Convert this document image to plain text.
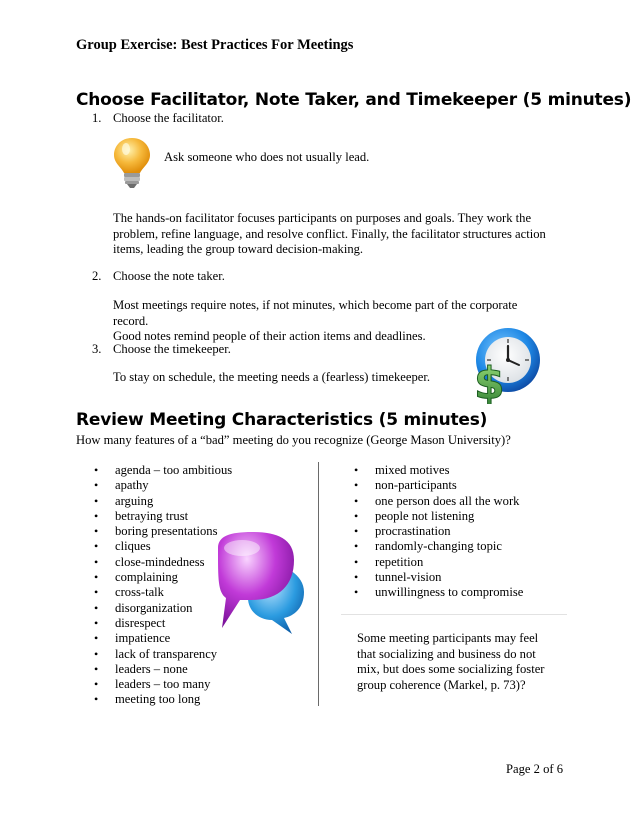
Group Exercise: Best Practices For Meetings
Choose Facilitator, Note Taker, and Timekeeper (5 minutes)
1. Choose the facilitator.
Ask someone who does not usually lead.
The hands-on facilitator focuses participants on purposes and goals. They work the
problem, refine language, and resolve conflict. Finally, the facilitator structures action
items, leading the group toward decision-making.
2. Choose the note taker.
Most meetings require notes, if not minutes, which become part of the corporate record.
Good notes remind people of their action items and deadlines.
3. Choose the timekeeper.
To stay on schedule, the meeting needs a (fearless) timekeeper.	$
Review Meeting Characteristics (5 minutes)
How many features of a “bad” meeting do you recognize (George Mason University)?
• agenda – too ambitious
• apathy
• arguing
• betraying trust
• boring presentations
• cliques
• close-mindedness
• complaining
• cross-talk
• disorganization
• disrespect
• impatience
• lack of transparency
• leaders – none
• leaders – too many
• meeting too long
• mixed motives
• non-participants
• one person does all the work
• people not listening
• procrastination
• randomly-changing topic
• repetition
• tunnel-vision
• unwillingness to compromise
Some meeting participants may feel
that socializing and business do not
mix, but does some socializing foster
group coherence (Markel, p. 73)?
Page 2 of 6
